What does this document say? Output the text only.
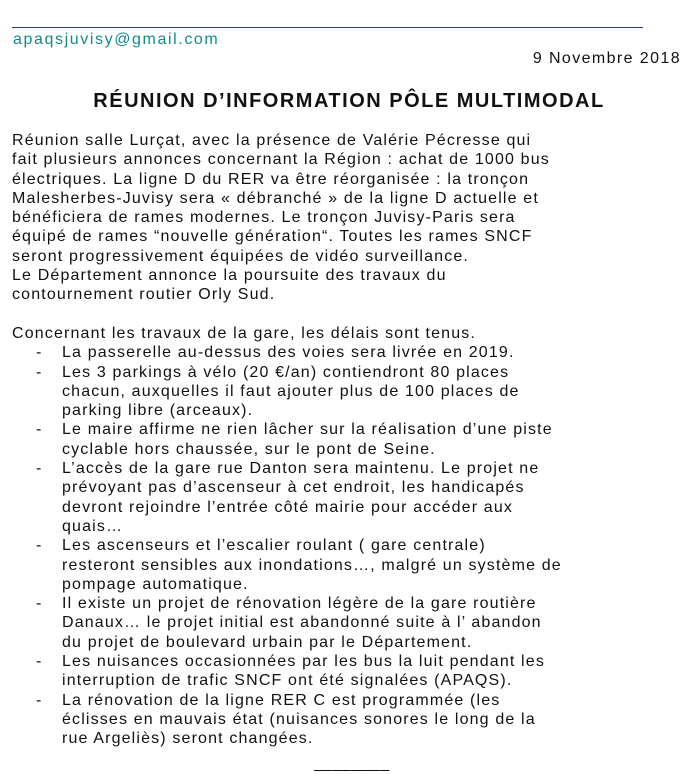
apaqsjuvisy@gmail.com
9 Novembre 2018
RÉUNION D’INFORMATION PÔLE MULTIMODAL
Réunion salle Lurçat, avec la présence de Valérie Pécresse qui
fait plusieurs annonces concernant la Région : achat de 1000 bus
électriques. La ligne D du RER va être réorganisée : la tronçon
Malesherbes-Juvisy sera « débranché » de la ligne D actuelle et
bénéficiera de rames modernes. Le tronçon Juvisy-Paris sera
équipé de rames “nouvelle génération“. Toutes les rames SNCF
seront progressivement équipées de vidéo surveillance.
Le Département annonce la poursuite des travaux du
contournement routier Orly Sud.
Concernant les travaux de la gare, les délais sont tenus.
- La passerelle au-dessus des voies sera livrée en 2019.
- Les 3 parkings à vélo (20 €/an) contiendront 80 places
chacun, auxquelles il faut ajouter plus de 100 places de
parking libre (arceaux).
- Le maire affirme ne rien lâcher sur la réalisation d’une piste
cyclable hors chaussée, sur le pont de Seine.
- L’accès de la gare rue Danton sera maintenu. Le projet ne
prévoyant pas d’ascenseur à cet endroit, les handicapés
devront rejoindre l’entrée côté mairie pour accéder aux
quais…
- Les ascenseurs et l’escalier roulant ( gare centrale)
resteront sensibles aux inondations…, malgré un système de
pompage automatique.
- Il existe un projet de rénovation légère de la gare routière
Danaux… le projet initial est abandonné suite à l’ abandon
du projet de boulevard urbain par le Département.
- Les nuisances occasionnées par les bus la luit pendant les
interruption de trafic SNCF ont été signalées (APAQS).
- La rénovation de la ligne RER C est programmée (les
éclisses en mauvais état (nuisances sonores le long de la
rue Argeliès) seront changées.
________
